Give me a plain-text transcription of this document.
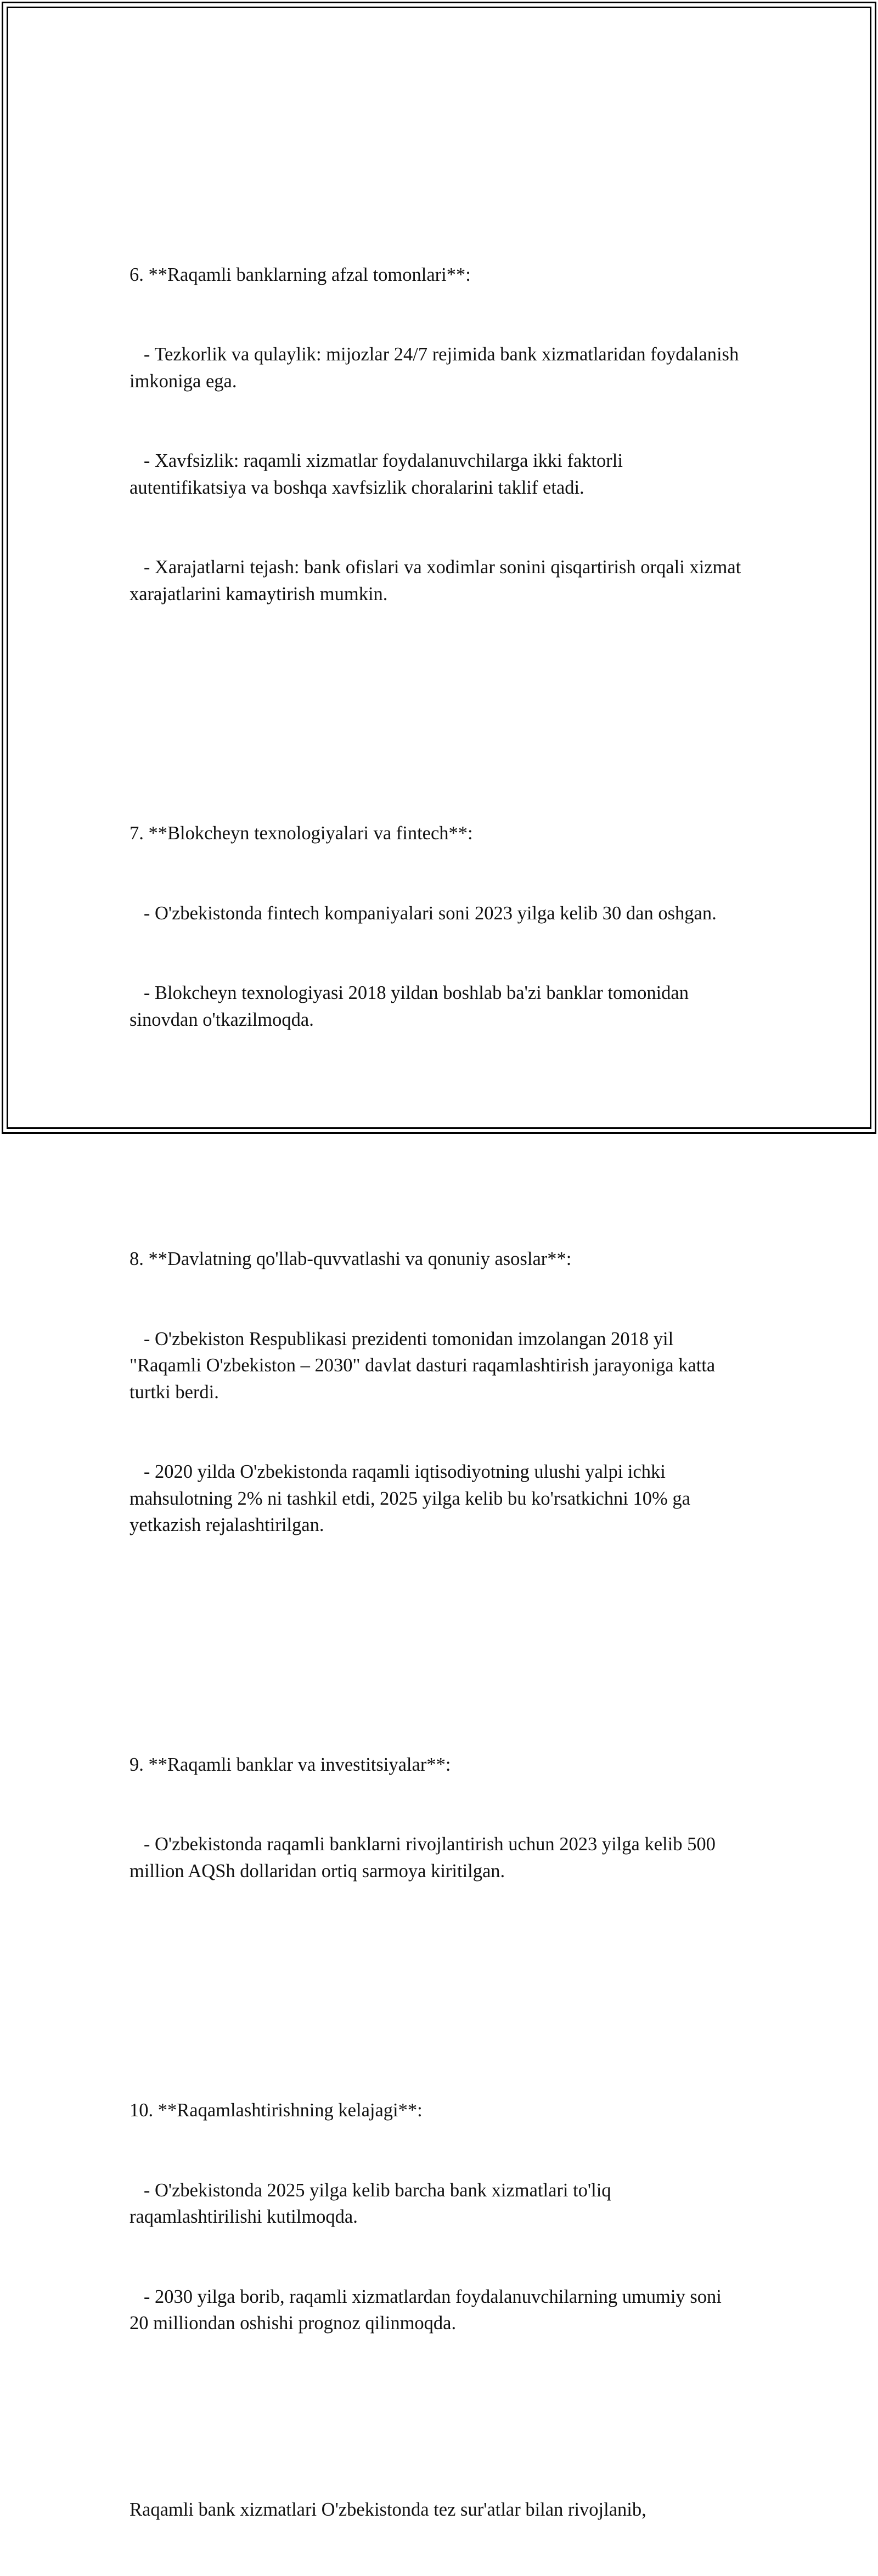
6. **Raqamli banklarning afzal tomonlari**:

- Tezkorlik va qulaylik: mijozlar 24/7 rejimida bank xizmatlaridan foydalanish imkoniga ega.

- Xavfsizlik: raqamli xizmatlar foydalanuvchilarga ikki faktorli autentifikatsiya va boshqa xavfsizlik choralarini taklif etadi.

- Xarajatlarni tejash: bank ofislari va xodimlar sonini qisqartirish orqali xizmat xarajatlarini kamaytirish mumkin.

7. **Blokcheyn texnologiyalari va fintech**:

- O'zbekistonda fintech kompaniyalari soni 2023 yilga kelib 30 dan oshgan.

- Blokcheyn texnologiyasi 2018 yildan boshlab ba'zi banklar tomonidan sinovdan o'tkazilmoqda.

8. **Davlatning qo'llab-quvvatlashi va qonuniy asoslar**:

- O'zbekiston Respublikasi prezidenti tomonidan imzolangan 2018 yil "Raqamli O'zbekiston – 2030" davlat dasturi raqamlashtirish jarayoniga katta turtki berdi.

- 2020 yilda O'zbekistonda raqamli iqtisodiyotning ulushi yalpi ichki mahsulotning 2% ni tashkil etdi, 2025 yilga kelib bu ko'rsatkichni 10% ga yetkazish rejalashtirilgan.

9. **Raqamli banklar va investitsiyalar**:

- O'zbekistonda raqamli banklarni rivojlantirish uchun 2023 yilga kelib 500 million AQSh dollaridan ortiq sarmoya kiritilgan.

10. **Raqamlashtirishning kelajagi**:

- O'zbekistonda 2025 yilga kelib barcha bank xizmatlari to'liq raqamlashtirilishi kutilmoqda.

- 2030 yilga borib, raqamli xizmatlardan foydalanuvchilarning umumiy soni 20 milliondan oshishi prognoz qilinmoqda.

Raqamli bank xizmatlari O'zbekistonda tez sur'atlar bilan rivojlanib,
